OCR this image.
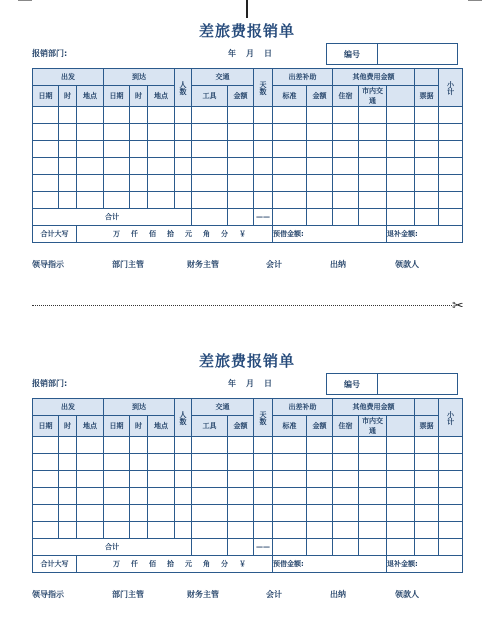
差旅费报销单
报销部门:	年 月 日	编号
出发			到达			人数	交通		天数	出差补助		其他费用金额				小计
日期	时	地点	日期	时	地点		工具	金额		标准	金额	住宿	市内交通		票据	

合计									——							
合计大写		万 仟 佰 拾 元 角 分 ￥								预借金额:				退补金额:		
领导指示	部门主管	财务主管	会计	出纳	领款人
差旅费报销单
报销部门:	年 月 日	编号
出发			到达			人数	交通		天数	出差补助		其他费用金额				小计
日期	时	地点	日期	时	地点		工具	金额		标准	金额	住宿	市内交通		票据	

合计									——							
合计大写		万 仟 佰 拾 元 角 分 ￥								预借金额:				退补金额:		
领导指示	部门主管	财务主管	会计	出纳	领款人
✂
